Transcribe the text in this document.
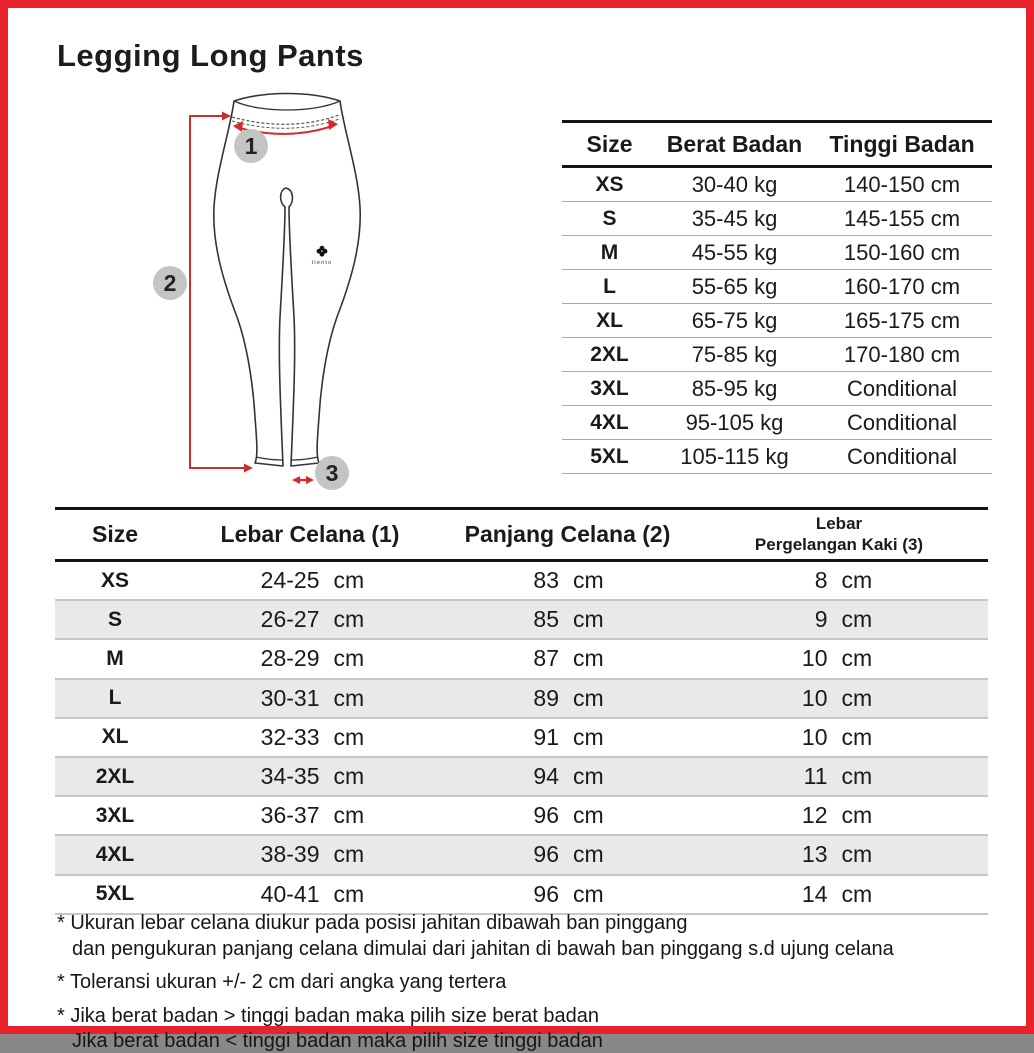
Legging Long Pants
1
2
3
tiento
Size	Berat Badan	Tinggi Badan
XS	30-40 kg	140-150 cm
S	35-45 kg	145-155 cm
M	45-55 kg	150-160 cm
L	55-65 kg	160-170 cm
XL	65-75 kg	165-175 cm
2XL	75-85 kg	170-180 cm
3XL	85-95 kg	Conditional
4XL	95-105 kg	Conditional
5XL	105-115 kg	Conditional
Size	Lebar Celana (1)	Panjang Celana (2)	Lebar
Pergelangan Kaki (3)
XS	24-25 cm	83 cm	8 cm
S	26-27 cm	85 cm	9 cm
M	28-29 cm	87 cm	10 cm
L	30-31 cm	89 cm	10 cm
XL	32-33 cm	91 cm	10 cm
2XL	34-35 cm	94 cm	11 cm
3XL	36-37 cm	96 cm	12 cm
4XL	38-39 cm	96 cm	13 cm
5XL	40-41 cm	96 cm	14 cm
* Ukuran lebar celana diukur pada posisi jahitan dibawah ban pinggang
dan pengukuran panjang celana dimulai dari jahitan di bawah ban pinggang s.d ujung celana
* Toleransi ukuran +/- 2 cm dari angka yang tertera
* Jika berat badan > tinggi badan maka pilih size berat badan
Jika berat badan < tinggi badan maka pilih size tinggi badan
